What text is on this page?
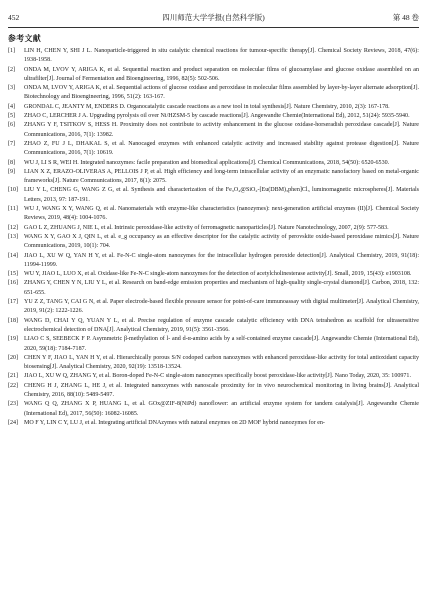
452	四川师范大学学报(自然科学版)	第 48 卷
参考文献
[1] LIN H, CHEN Y, SHI J L. Nanoparticle-triggered in situ catalytic chemical reactions for tumour-specific therapy[J]. Chemical Society Reviews, 2018, 47(6): 1938-1958.
[2] ONDA M, LVOV Y, ARIGA K, et al. Sequential reaction and product separation on molecular films of glucoamylase and glucose oxidase assembled on an ultrafilter[J]. Journal of Fermentation and Bioengineering, 1996, 82(5): 502-506.
[3] ONDA M, LVOV Y, ARIGA K, et al. Sequential actions of glucose oxidase and peroxidase in molecular films assembled by layer-by-layer alternate adsorption[J]. Biotechnology and Bioengineering, 1996, 51(2): 163-167.
[4] GRONDAL C, JEANTY M, ENDERS D. Organocatalytic cascade reactions as a new tool in total synthesis[J]. Nature Chemistry, 2010, 2(3): 167-178.
[5] ZHAO C, LERCHER J A. Upgrading pyrolysis oil over Ni/HZSM-5 by cascade reactions[J]. Angewandte Chemie(International Ed), 2012, 51(24): 5935-5940.
[6] ZHANG Y F, TSITKOV S, HESS H. Proximity does not contribute to activity enhancement in the glucose oxidase-horseradish peroxidase cascade[J]. Nature Communications, 2016, 7(1): 13982.
[7] ZHAO Z, FU J L, DHAKAL S, et al. Nanocaged enzymes with enhanced catalytic activity and increased stability against protease digestion[J]. Nature Communications, 2016, 7(1): 10619.
[8] WU J, LI S R, WEI H. Integrated nanozymes: facile preparation and biomedical applications[J]. Chemical Communications, 2018, 54(50): 6520-6530.
[9] LIAN X Z, ERAZO-OLIVERAS A, PELLOIS J P, et al. High efficiency and long-term intracellular activity of an enzymatic nanofactory based on metal-organic frameworks[J]. Nature Communications, 2017, 8(1): 2075.
[10] LIU Y L, CHENG G, WANG Z G, et al. Synthesis and characterization of the Fe₃O₄@SiO₂-[Eu(DBM)₃phen]Cl₃ luminomagnetic microspheres[J]. Materials Letters, 2013, 97: 187-191.
[11] WU J, WANG X Y, WANG Q, et al. Nanomaterials with enzyme-like characteristics (nanozymes): next-generation artificial enzymes (II)[J]. Chemical Society Reviews, 2019, 48(4): 1004-1076.
[12] GAO L Z, ZHUANG J, NIE L, et al. Intrinsic peroxidase-like activity of ferromagnetic nanoparticles[J]. Nature Nanotechnology, 2007, 2(9): 577-583.
[13] WANG X Y, GAO X J, QIN L, et al. e_g occupancy as an effective descriptor for the catalytic activity of perovskite oxide-based peroxidase mimics[J]. Nature Communications, 2019, 10(1): 704.
[14] JIAO L, XU W Q, YAN H Y, et al. Fe-N-C single-atom nanozymes for the intracellular hydrogen peroxide detection[J]. Analytical Chemistry, 2019, 91(18): 11994-11999.
[15] WU Y, JIAO L, LUO X, et al. Oxidase-like Fe-N-C single-atom nanozymes for the detection of acetylcholinesterase activity[J]. Small, 2019, 15(43): e1903108.
[16] ZHANG Y, CHEN Y N, LIU Y L, et al. Research on band-edge emission properties and mechanism of high-quality single-crystal diamond[J]. Carbon, 2018, 132: 651-655.
[17] YU Z Z, TANG Y, CAI G N, et al. Paper electrode-based flexible pressure sensor for point-of-care immunoassay with digital multimeter[J]. Analytical Chemistry, 2019, 91(2): 1222-1226.
[18] WANG D, CHAI Y Q, YUAN Y L, et al. Precise regulation of enzyme cascade catalytic efficiency with DNA tetrahedron as scaffold for ultrasensitive electrochemical detection of DNA[J]. Analytical Chemistry, 2019, 91(5): 3561-3566.
[19] LIAO C S, SEEBECK F P. Asymmetric β-methylation of l- and d-α-amino acids by a self-contained enzyme cascade[J]. Angewandte Chemie (International Ed), 2020, 59(18): 7184-7187.
[20] CHEN Y F, JIAO L, YAN H Y, et al. Hierarchically porous S/N codoped carbon nanozymes with enhanced peroxidase-like activity for total antioxidant capacity biosensing[J]. Analytical Chemistry, 2020, 92(19): 13518-13524.
[21] JIAO L, XU W Q, ZHANG Y, et al. Boron-doped Fe-N-C single-atom nanozymes specifically boost peroxidase-like activity[J]. Nano Today, 2020, 35: 100971.
[22] CHENG H J, ZHANG L, HE J, et al. Integrated nanozymes with nanoscale proximity for in vivo neurochemical monitoring in living brains[J]. Analytical Chemistry, 2016, 88(10): 5489-5497.
[23] WANG Q Q, ZHANG X P, HUANG L, et al. GOx@ZIF-8(NiPd) nanoflower: an artificial enzyme system for tandem catalysis[J]. Angewandte Chemie (International Ed), 2017, 56(50): 16082-16085.
[24] MO F Y, LIN C Y, LU J, et al. Integrating artificial DNAzymes with natural enzymes on 2D MOF hybrid nanozymes for en-
